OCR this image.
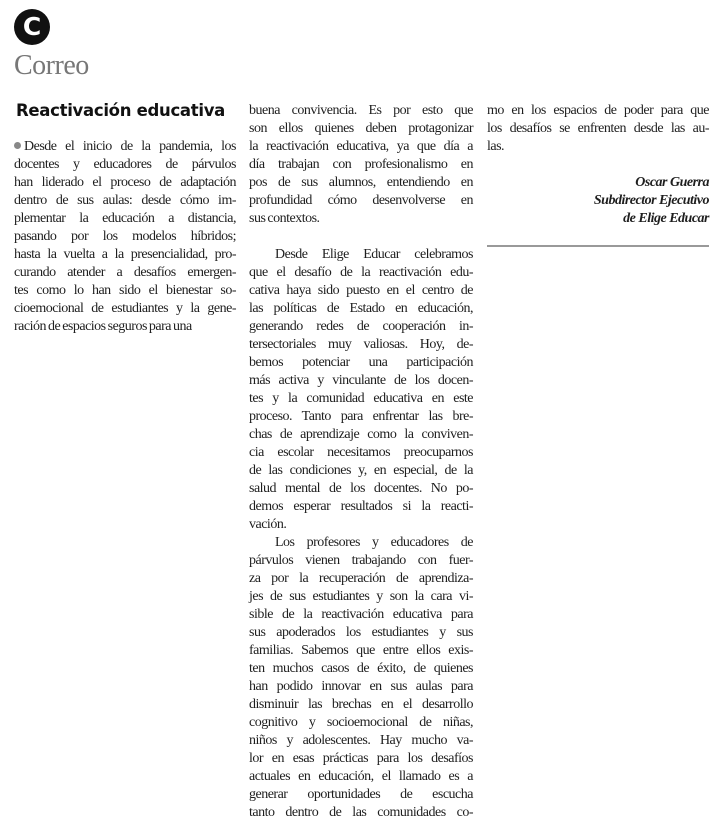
C
Correo
Reactivación educativa
Desde el inicio de la pandemia, los
docentes y educadores de párvulos
han liderado el proceso de adaptación
dentro de sus aulas: desde cómo im-
plementar la educación a distancia,
pasando por los modelos híbridos;
hasta la vuelta a la presencialidad, pro-
curando atender a desafíos emergen-
tes como lo han sido el bienestar so-
cioemocional de estudiantes y la gene-
ración de espacios seguros para una
buena convivencia. Es por esto que
son ellos quienes deben protagonizar
la reactivación educativa, ya que día a
día trabajan con profesionalismo en
pos de sus alumnos, entendiendo en
profundidad cómo desenvolverse en
sus contextos.
Desde Elige Educar celebramos
que el desafío de la reactivación edu-
cativa haya sido puesto en el centro de
las políticas de Estado en educación,
generando redes de cooperación in-
tersectoriales muy valiosas. Hoy, de-
bemos potenciar una participación
más activa y vinculante de los docen-
tes y la comunidad educativa en este
proceso. Tanto para enfrentar las bre-
chas de aprendizaje como la conviven-
cia escolar necesitamos preocuparnos
de las condiciones y, en especial, de la
salud mental de los docentes. No po-
demos esperar resultados si la reacti-
vación.
Los profesores y educadores de
párvulos vienen trabajando con fuer-
za por la recuperación de aprendiza-
jes de sus estudiantes y son la cara vi-
sible de la reactivación educativa para
sus apoderados los estudiantes y sus
familias. Sabemos que entre ellos exis-
ten muchos casos de éxito, de quienes
han podido innovar en sus aulas para
disminuir las brechas en el desarrollo
cognitivo y socioemocional de niñas,
niños y adolescentes. Hay mucho va-
lor en esas prácticas para los desafíos
actuales en educación, el llamado es a
generar oportunidades de escucha
tanto dentro de las comunidades co-
mo en los espacios de poder para que
los desafíos se enfrenten desde las au-
las.
Oscar Guerra
Subdirector Ejecutivo
de Elige Educar
